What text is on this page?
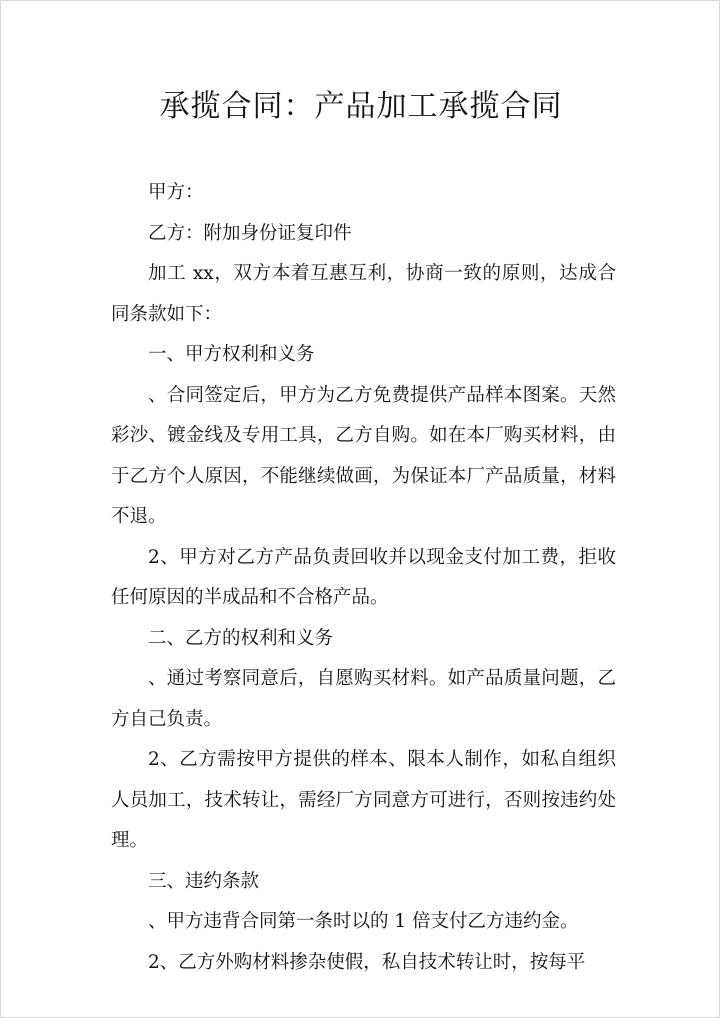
承揽合同：产品加工承揽合同

甲方：

乙方：附加身份证复印件

加工 xx，双方本着互惠互利，协商一致的原则，达成合同条款如下：

一、甲方权利和义务

、合同签定后，甲方为乙方免费提供产品样本图案。天然彩沙、镀金线及专用工具，乙方自购。如在本厂购买材料，由于乙方个人原因，不能继续做画，为保证本厂产品质量，材料不退。

2、甲方对乙方产品负责回收并以现金支付加工费，拒收任何原因的半成品和不合格产品。

二、乙方的权利和义务

、通过考察同意后，自愿购买材料。如产品质量问题，乙方自己负责。

2、乙方需按甲方提供的样本、限本人制作，如私自组织人员加工，技术转让，需经厂方同意方可进行，否则按违约处理。

三、违约条款

、甲方违背合同第一条时以的 1 倍支付乙方违约金。

2、乙方外购材料掺杂使假，私自技术转让时，按每平
